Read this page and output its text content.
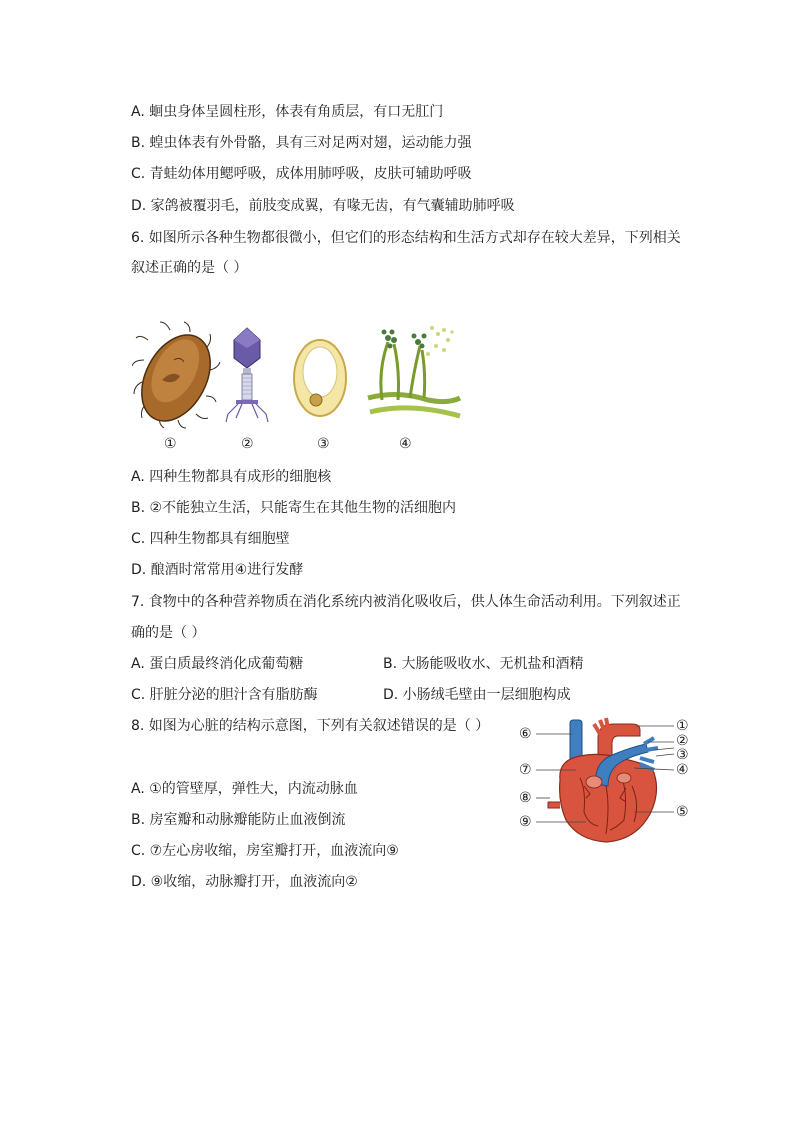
A. 蛔虫身体呈圆柱形，体表有角质层，有口无肛门
B. 蝗虫体表有外骨骼，具有三对足两对翅，运动能力强
C. 青蛙幼体用鳃呼吸，成体用肺呼吸，皮肤可辅助呼吸
D. 家鸽被覆羽毛，前肢变成翼，有喙无齿，有气囊辅助肺呼吸
6. 如图所示各种生物都很微小，但它们的形态结构和生活方式却存在较大差异，下列相关
叙述正确的是（ ）
①	②	③	④
A. 四种生物都具有成形的细胞核
B. ②不能独立生活，只能寄生在其他生物的活细胞内
C. 四种生物都具有细胞壁
D. 酿酒时常常用④进行发酵
7. 食物中的各种营养物质在消化系统内被消化吸收后，供人体生命活动利用。下列叙述正
确的是（ ）
A. 蛋白质最终消化成葡萄糖	B. 大肠能吸收水、无机盐和酒精
C. 肝脏分泌的胆汁含有脂肪酶	D. 小肠绒毛壁由一层细胞构成
8. 如图为心脏的结构示意图，下列有关叙述错误的是（ ）	①
②
③
④
⑤
⑥
⑦
⑧
⑨
A. ①的管壁厚，弹性大，内流动脉血
B. 房室瓣和动脉瓣能防止血液倒流
C. ⑦左心房收缩，房室瓣打开，血液流向⑨
D. ⑨收缩，动脉瓣打开，血液流向②
